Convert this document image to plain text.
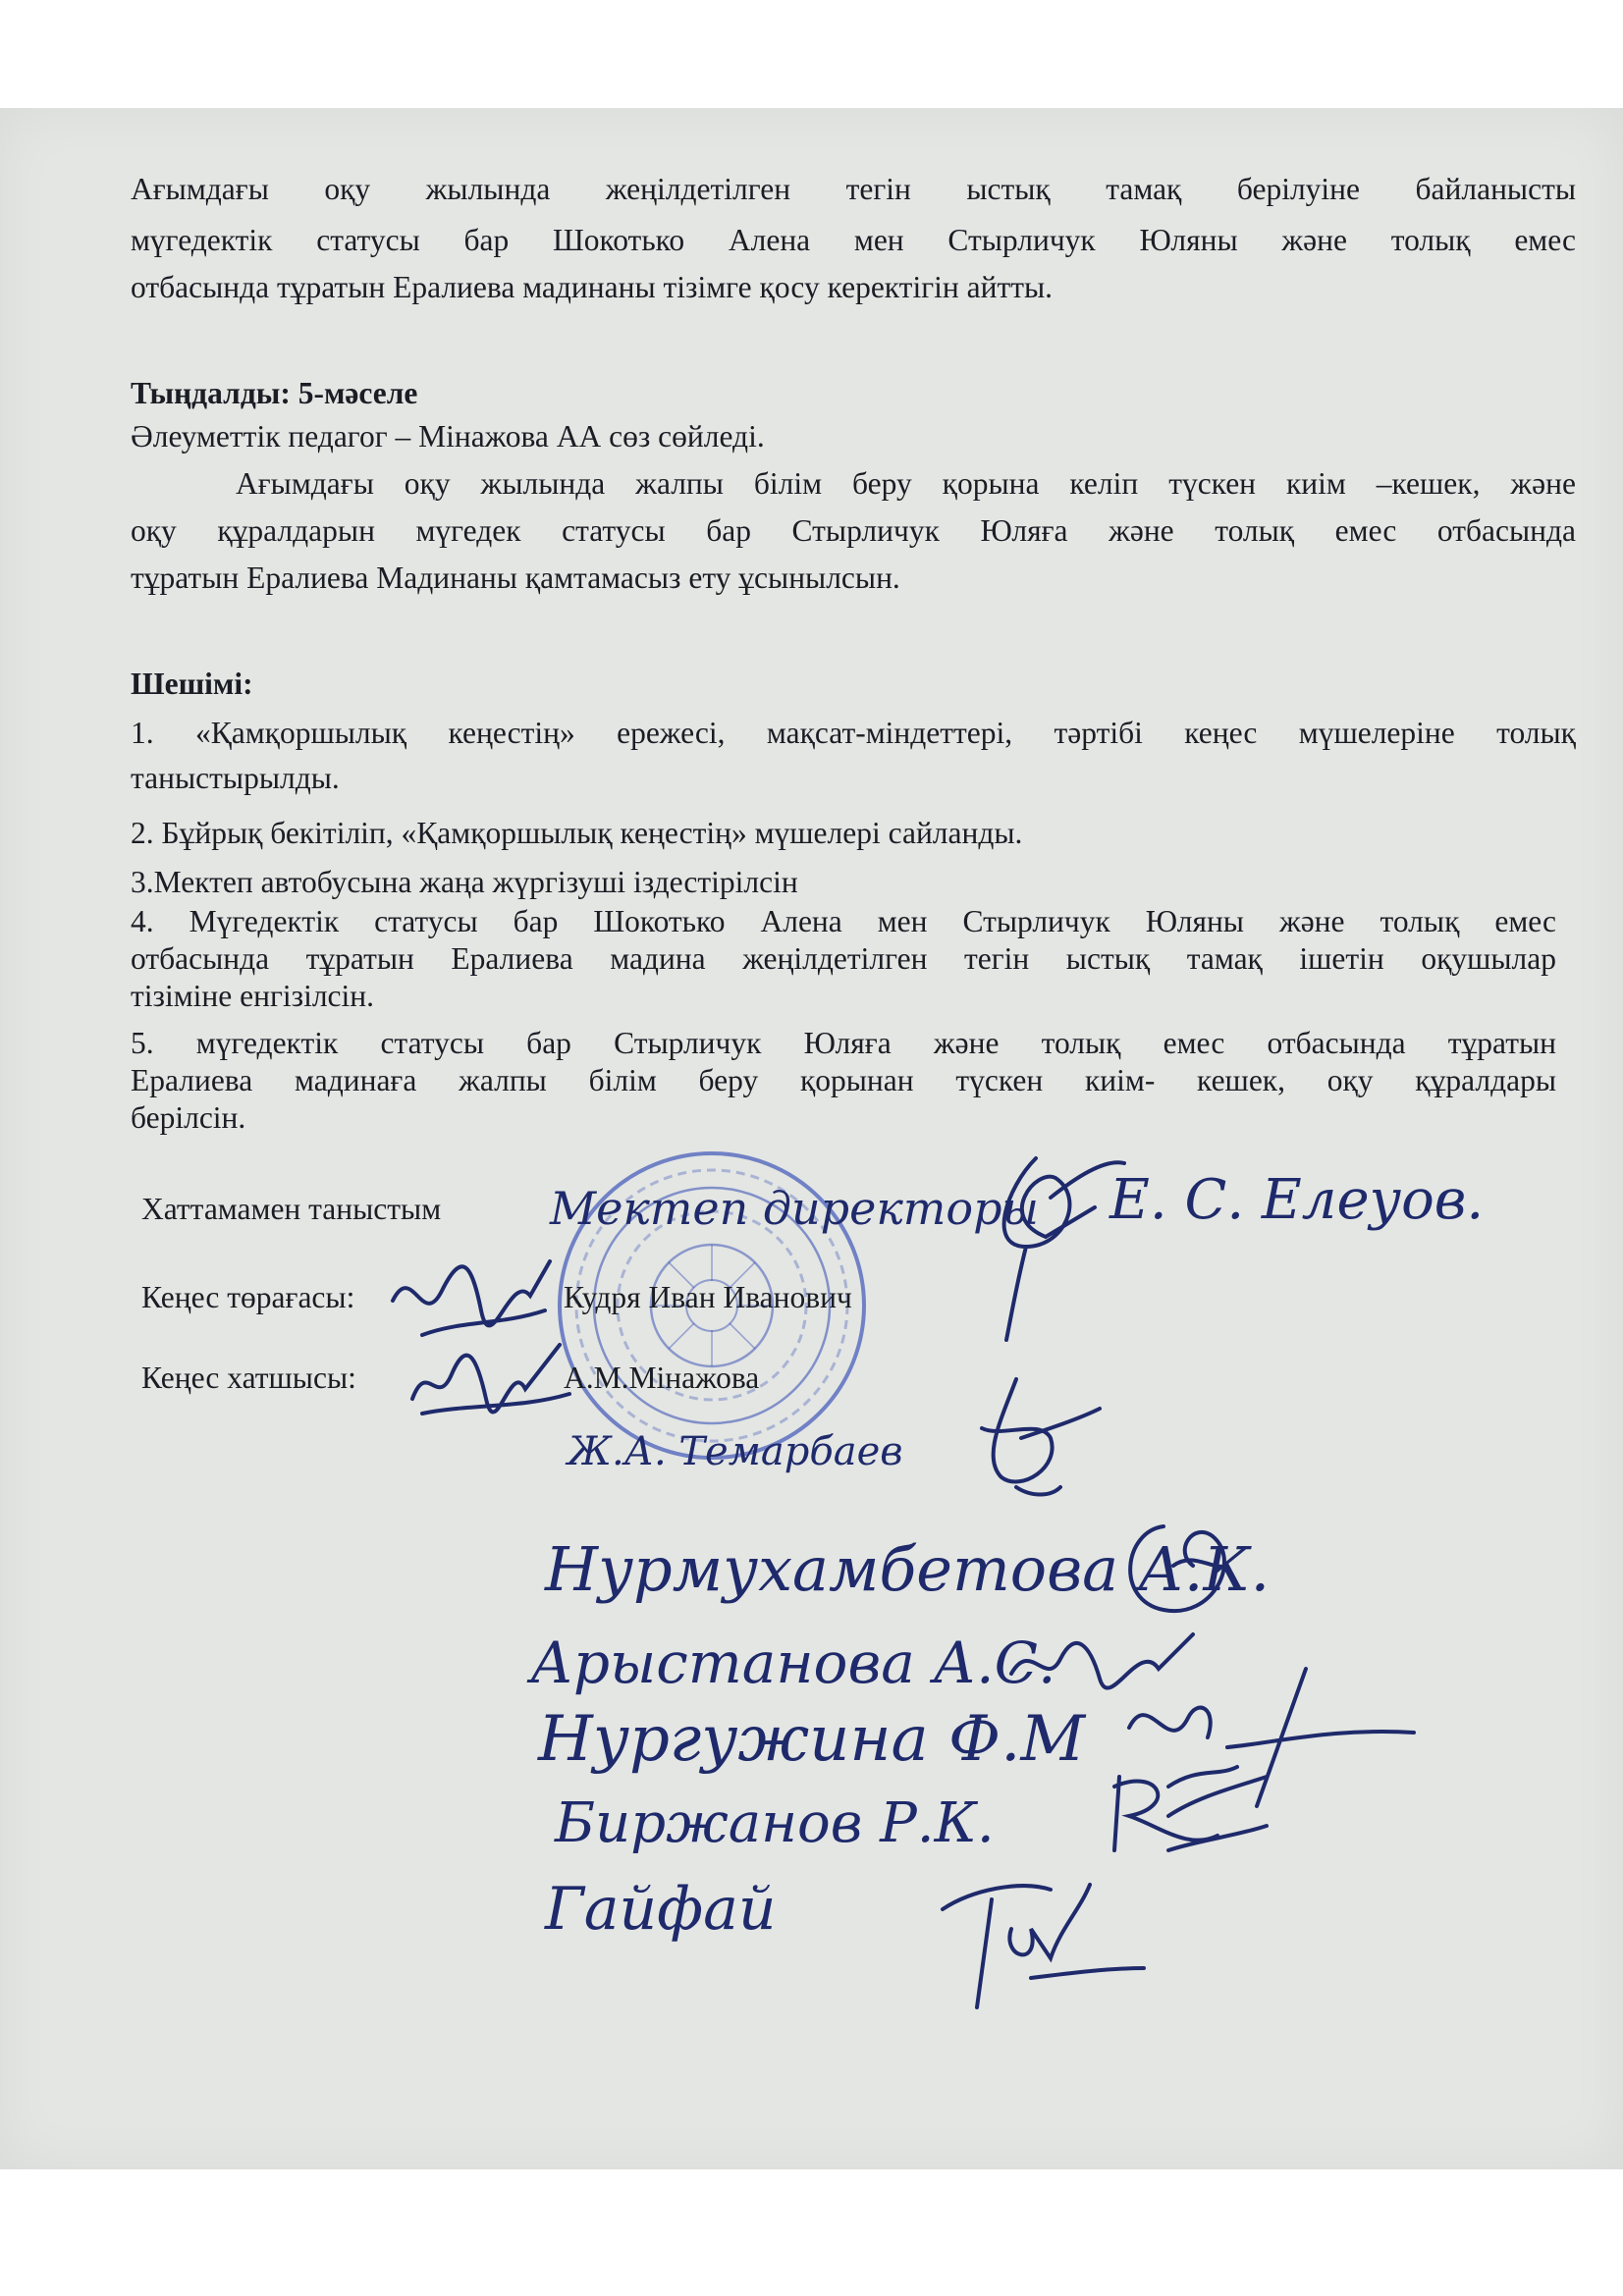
Ағымдағы оқу жылында жеңілдетілген тегін ыстық тамақ берілуіне байланысты
мүгедектік статусы бар Шокотько Алена мен Стырличук Юляны және толық емес
отбасында тұратын Ералиева мадинаны тізімге қосу керектігін айтты.
Тыңдалды: 5-мәселе
Әлеуметтік педагог – Мінажова АА сөз сөйледі.
Ағымдағы оқу жылында жалпы білім беру қорына келіп түскен киім –кешек, және
оқу құралдарын мүгедек статусы бар Стырличук Юляға және толық емес отбасында
тұратын Ералиева Мадинаны қамтамасыз ету ұсынылсын.
Шешімі:
1. «Қамқоршылық кеңестің» ережесі, мақсат-міндеттері, тәртібі кеңес мүшелеріне толық
таныстырылды.
2. Бұйрық бекітіліп, «Қамқоршылық кеңестің» мүшелері сайланды.
3.Мектеп автобусына жаңа жүргізуші іздестірілсін
4. Мүгедектік статусы бар Шокотько Алена мен Стырличук Юляны және толық емес
отбасында тұратын Ералиева мадина жеңілдетілген тегін ыстық тамақ ішетін оқушылар
тізіміне енгізілсін.
5. мүгедектік статусы бар Стырличук Юляға және толық емес отбасында тұратын
Ералиева мадинаға жалпы білім беру қорынан түскен киім- кешек, оқу құралдары
берілсін.
Хаттамамен таныстым
Кеңес төрағасы:	Кудря Иван Иванович
Кеңес хатшысы:	А.М.Мінажова
Мектеп директоры Е. С. Елеуов.
Ж.А. Темарбаев
Нурмухамбетова А.К.
Арыстанова А.С.
Нургужина Ф.М
Биржанов Р.К.
Гайфай
